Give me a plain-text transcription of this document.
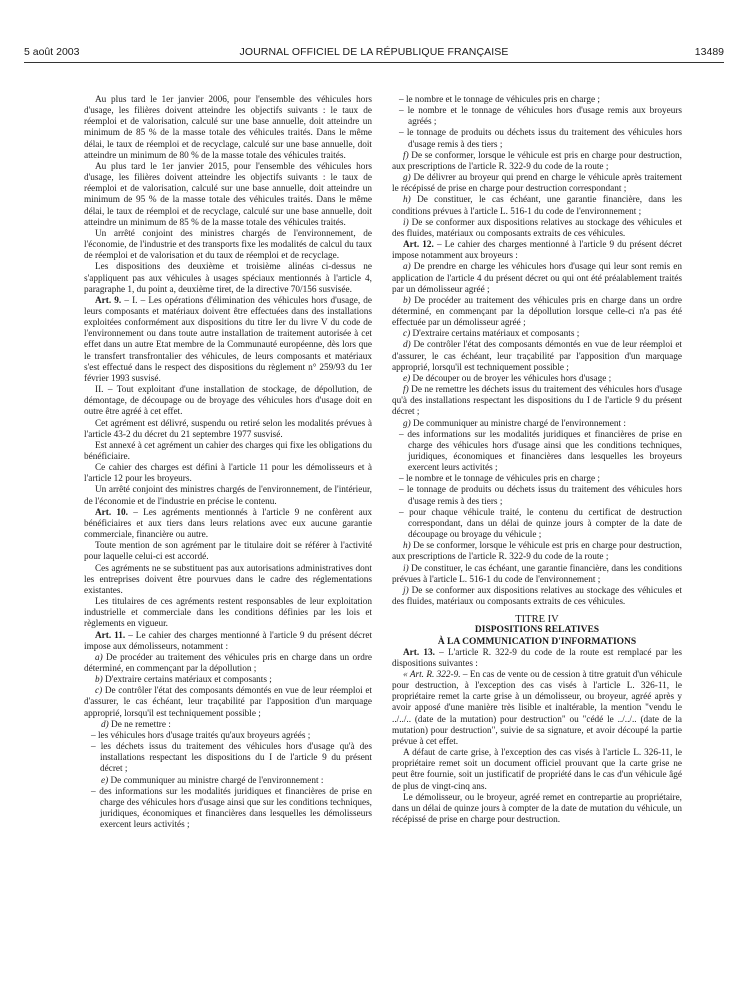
5 août 2003	JOURNAL OFFICIEL DE LA RÉPUBLIQUE FRANÇAISE	13489

Au plus tard le 1er janvier 2006, pour l'ensemble des véhicules hors d'usage, les filières doivent atteindre les objectifs suivants : le taux de réemploi et de valorisation, calculé sur une base annuelle, doit atteindre un minimum de 85 % de la masse totale des véhicules traités. Dans le même délai, le taux de réemploi et de recyclage, calculé sur une base annuelle, doit atteindre un minimum de 80 % de la masse totale des véhicules traités.

Au plus tard le 1er janvier 2015, pour l'ensemble des véhicules hors d'usage, les filières doivent atteindre les objectifs suivants : le taux de réemploi et de valorisation, calculé sur une base annuelle, doit atteindre un minimum de 95 % de la masse totale des véhicules traités. Dans le même délai, le taux de réemploi et de recyclage, calculé sur une base annuelle, doit atteindre un minimum de 85 % de la masse totale des véhicules traités.

Un arrêté conjoint des ministres chargés de l'environnement, de l'économie, de l'industrie et des transports fixe les modalités de calcul du taux de réemploi et de valorisation et du taux de réemploi et de recyclage.

Les dispositions des deuxième et troisième alinéas ci-dessus ne s'appliquent pas aux véhicules à usages spéciaux mentionnés à l'article 4, paragraphe 1, du point a, deuxième tiret, de la directive 70/156 susvisée.

Art. 9. – I. – Les opérations d'élimination des véhicules hors d'usage, de leurs composants et matériaux doivent être effectuées dans des installations exploitées conformément aux dispositions du titre Ier du livre V du code de l'environnement ou dans toute autre installation de traitement autorisée à cet effet dans un autre Etat membre de la Communauté européenne, dès lors que le transfert transfrontalier des véhicules, de leurs composants et matériaux s'est effectué dans le respect des dispositions du règlement n° 259/93 du 1er février 1993 susvisé.

II. – Tout exploitant d'une installation de stockage, de dépollution, de démontage, de découpage ou de broyage des véhicules hors d'usage doit en outre être agréé à cet effet.

Cet agrément est délivré, suspendu ou retiré selon les modalités prévues à l'article 43-2 du décret du 21 septembre 1977 susvisé.

Est annexé à cet agrément un cahier des charges qui fixe les obligations du bénéficiaire.

Ce cahier des charges est défini à l'article 11 pour les démolisseurs et à l'article 12 pour les broyeurs.

Un arrêté conjoint des ministres chargés de l'environnement, de l'intérieur, de l'économie et de l'industrie en précise le contenu.

Art. 10. – Les agréments mentionnés à l'article 9 ne confèrent aux bénéficiaires et aux tiers dans leurs relations avec eux aucune garantie commerciale, financière ou autre.

Toute mention de son agrément par le titulaire doit se référer à l'activité pour laquelle celui-ci est accordé.

Ces agréments ne se substituent pas aux autorisations administratives dont les entreprises doivent être pourvues dans le cadre des réglementations existantes.

Les titulaires de ces agréments restent responsables de leur exploitation industrielle et commerciale dans les conditions définies par les lois et règlements en vigueur.

Art. 11. – Le cahier des charges mentionné à l'article 9 du présent décret impose aux démolisseurs, notamment :

a) De procéder au traitement des véhicules pris en charge dans un ordre déterminé, en commençant par la dépollution ;

b) D'extraire certains matériaux et composants ;

c) De contrôler l'état des composants démontés en vue de leur réemploi et d'assurer, le cas échéant, leur traçabilité par l'apposition d'un marquage approprié, lorsqu'il est techniquement possible ;

d) De ne remettre :

– les véhicules hors d'usage traités qu'aux broyeurs agréés ;

– les déchets issus du traitement des véhicules hors d'usage qu'à des installations respectant les dispositions du I de l'article 9 du présent décret ;

e) De communiquer au ministre chargé de l'environnement :

– des informations sur les modalités juridiques et financières de prise en charge des véhicules hors d'usage ainsi que sur les conditions techniques, juridiques, économiques et financières dans lesquelles les démolisseurs exercent leurs activités ;

– le nombre et le tonnage de véhicules pris en charge ;

– le nombre et le tonnage de véhicules hors d'usage remis aux broyeurs agréés ;

– le tonnage de produits ou déchets issus du traitement des véhicules hors d'usage remis à des tiers ;

f) De se conformer, lorsque le véhicule est pris en charge pour destruction, aux prescriptions de l'article R. 322-9 du code de la route ;

g) De délivrer au broyeur qui prend en charge le véhicule après traitement le récépissé de prise en charge pour destruction correspondant ;

h) De constituer, le cas échéant, une garantie financière, dans les conditions prévues à l'article L. 516-1 du code de l'environnement ;

i) De se conformer aux dispositions relatives au stockage des véhicules et des fluides, matériaux ou composants extraits de ces véhicules.

Art. 12. – Le cahier des charges mentionné à l'article 9 du présent décret impose notamment aux broyeurs :

a) De prendre en charge les véhicules hors d'usage qui leur sont remis en application de l'article 4 du présent décret ou qui ont été préalablement traités par un démolisseur agréé ;

b) De procéder au traitement des véhicules pris en charge dans un ordre déterminé, en commençant par la dépollution lorsque celle-ci n'a pas été effectuée par un démolisseur agréé ;

c) D'extraire certains matériaux et composants ;

d) De contrôler l'état des composants démontés en vue de leur réemploi et d'assurer, le cas échéant, leur traçabilité par l'apposition d'un marquage approprié, lorsqu'il est techniquement possible ;

e) De découper ou de broyer les véhicules hors d'usage ;

f) De ne remettre les déchets issus du traitement des véhicules hors d'usage qu'à des installations respectant les dispositions du I de l'article 9 du présent décret ;

g) De communiquer au ministre chargé de l'environnement :

– des informations sur les modalités juridiques et financières de prise en charge des véhicules hors d'usage ainsi que les conditions techniques, juridiques, économiques et financières dans lesquelles les broyeurs exercent leurs activités ;

– le nombre et le tonnage de véhicules pris en charge ;

– le tonnage de produits ou déchets issus du traitement des véhicules hors d'usage remis à des tiers ;

– pour chaque véhicule traité, le contenu du certificat de destruction correspondant, dans un délai de quinze jours à compter de la date de découpage ou broyage du véhicule ;

h) De se conformer, lorsque le véhicule est pris en charge pour destruction, aux prescriptions de l'article R. 322-9 du code de la route ;

i) De constituer, le cas échéant, une garantie financière, dans les conditions prévues à l'article L. 516-1 du code de l'environnement ;

j) De se conformer aux dispositions relatives au stockage des véhicules et des fluides, matériaux ou composants extraits de ces véhicules.

TITRE IV

DISPOSITIONS RELATIVES

À LA COMMUNICATION D'INFORMATIONS

Art. 13. – L'article R. 322-9 du code de la route est remplacé par les dispositions suivantes :

« Art. R. 322-9. – En cas de vente ou de cession à titre gratuit d'un véhicule pour destruction, à l'exception des cas visés à l'article L. 326-11, le propriétaire remet la carte grise à un démolisseur, ou broyeur, agréé après y avoir apposé d'une manière très lisible et inaltérable, la mention "vendu le ../../.. (date de la mutation) pour destruction" ou "cédé le ../../.. (date de la mutation) pour destruction", suivie de sa signature, et avoir découpé la partie prévue à cet effet.

A défaut de carte grise, à l'exception des cas visés à l'article L. 326-11, le propriétaire remet soit un document officiel prouvant que la carte grise ne peut être fournie, soit un justificatif de propriété dans le cas d'un véhicule âgé de plus de vingt-cinq ans.

Le démolisseur, ou le broyeur, agréé remet en contrepartie au propriétaire, dans un délai de quinze jours à compter de la date de mutation du véhicule, un récépissé de prise en charge pour destruction.
